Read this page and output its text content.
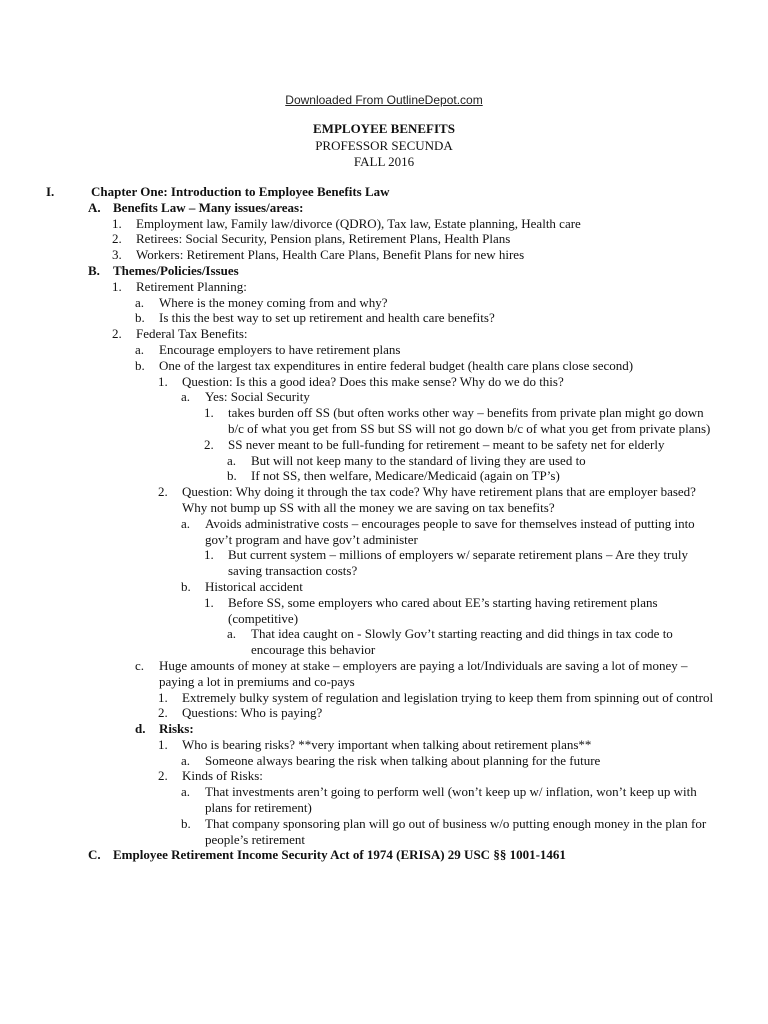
Downloaded From OutlineDepot.com
EMPLOYEE BENEFITS
PROFESSOR SECUNDA
FALL 2016
I.	Chapter One: Introduction to Employee Benefits Law
A. Benefits Law – Many issues/areas:
1. Employment law, Family law/divorce (QDRO), Tax law, Estate planning, Health care
2. Retirees: Social Security, Pension plans, Retirement Plans, Health Plans
3. Workers: Retirement Plans, Health Care Plans, Benefit Plans for new hires
B. Themes/Policies/Issues
1. Retirement Planning:
a. Where is the money coming from and why?
b. Is this the best way to set up retirement and health care benefits?
2. Federal Tax Benefits:
a. Encourage employers to have retirement plans
b. One of the largest tax expenditures in entire federal budget (health care plans close second)
1. Question: Is this a good idea? Does this make sense? Why do we do this?
a. Yes: Social Security
1. takes burden off SS (but often works other way – benefits from private plan might go down b/c of what you get from SS but SS will not go down b/c of what you get from private plans)
2. SS never meant to be full-funding for retirement – meant to be safety net for elderly
a. But will not keep many to the standard of living they are used to
b. If not SS, then welfare, Medicare/Medicaid (again on TP’s)
2. Question: Why doing it through the tax code? Why have retirement plans that are employer based? Why not bump up SS with all the money we are saving on tax benefits?
a. Avoids administrative costs – encourages people to save for themselves instead of putting into gov’t program and have gov’t administer
1. But current system – millions of employers w/ separate retirement plans – Are they truly saving transaction costs?
b. Historical accident
1. Before SS, some employers who cared about EE’s starting having retirement plans (competitive)
a. That idea caught on - Slowly Gov’t starting reacting and did things in tax code to encourage this behavior
c. Huge amounts of money at stake – employers are paying a lot/Individuals are saving a lot of money – paying a lot in premiums and co-pays
1. Extremely bulky system of regulation and legislation trying to keep them from spinning out of control
2. Questions: Who is paying?
d. Risks:
1. Who is bearing risks? **very important when talking about retirement plans**
a. Someone always bearing the risk when talking about planning for the future
2. Kinds of Risks:
a. That investments aren’t going to perform well (won’t keep up w/ inflation, won’t keep up with plans for retirement)
b. That company sponsoring plan will go out of business w/o putting enough money in the plan for people’s retirement
C. Employee Retirement Income Security Act of 1974 (ERISA) 29 USC §§ 1001-1461
